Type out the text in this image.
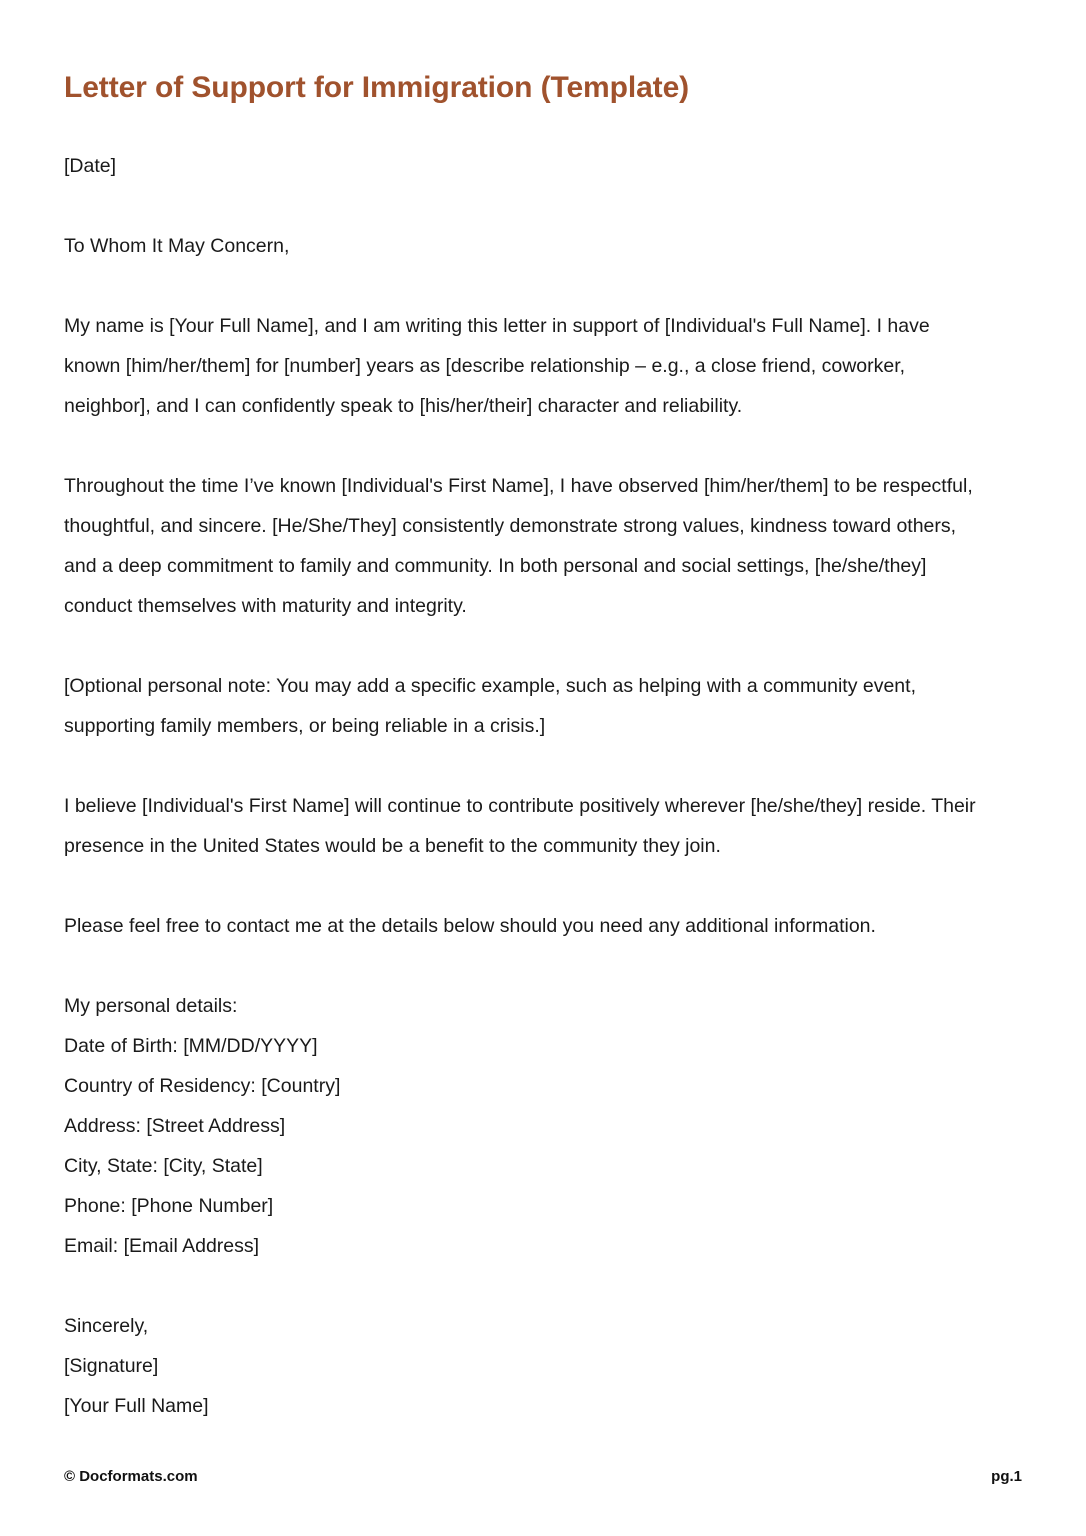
Letter of Support for Immigration (Template)

[Date]

To Whom It May Concern,

My name is [Your Full Name], and I am writing this letter in support of [Individual's Full Name]. I have known [him/her/them] for [number] years as [describe relationship – e.g., a close friend, coworker, neighbor], and I can confidently speak to [his/her/their] character and reliability.

Throughout the time I’ve known [Individual's First Name], I have observed [him/her/them] to be respectful, thoughtful, and sincere. [He/She/They] consistently demonstrate strong values, kindness toward others, and a deep commitment to family and community. In both personal and social settings, [he/she/they] conduct themselves with maturity and integrity.

[Optional personal note: You may add a specific example, such as helping with a community event, supporting family members, or being reliable in a crisis.]

I believe [Individual's First Name] will continue to contribute positively wherever [he/she/they] reside. Their presence in the United States would be a benefit to the community they join.

Please feel free to contact me at the details below should you need any additional information.

My personal details:

Date of Birth: [MM/DD/YYYY]

Country of Residency: [Country]

Address: [Street Address]

City, State: [City, State]

Phone: [Phone Number]

Email: [Email Address]

Sincerely,

[Signature]

[Your Full Name]

© Docformats.com	pg.1
